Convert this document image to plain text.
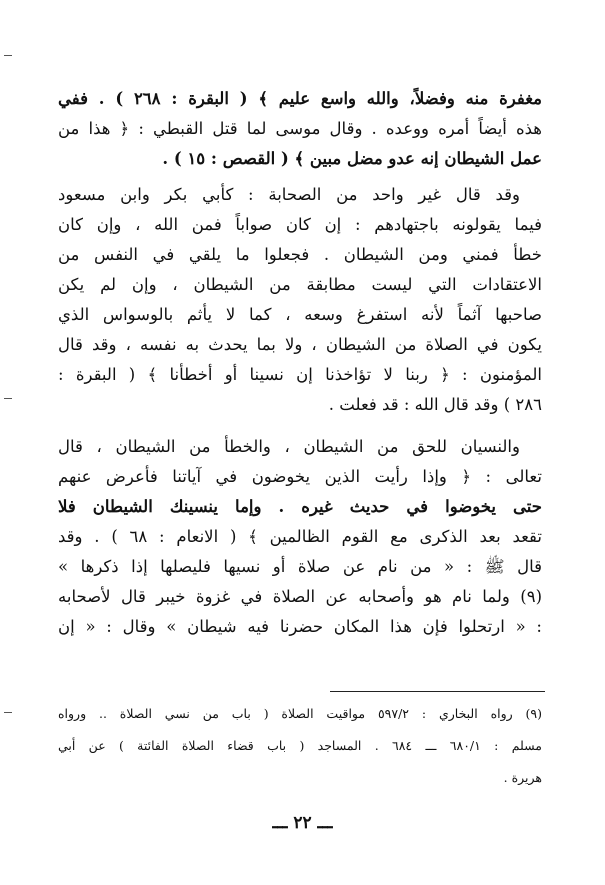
مغفرة منه وفضلاً، والله واسع عليم ﴾ ( البقرة : ٢٦٨ ) . ففي
هذه أيضاً أمره ووعده . وقال موسى لما قتل القبطي : ﴿ هذا من
عمل الشيطان إنه عدو مضل مبين ﴾ ( القصص : ١٥ ) .
وقد قال غير واحد من الصحابة : كأبي بكر وابن مسعود
فيما يقولونه باجتهادهم : إن كان صواباً فمن الله ، وإن كان
خطأ فمني ومن الشيطان . فجعلوا ما يلقي في النفس من
الاعتقادات التي ليست مطابقة من الشيطان ، وإن لم يكن
صاحبها آثماً لأنه استفرغ وسعه ، كما لا يأثم بالوسواس الذي
يكون في الصلاة من الشيطان ، ولا بما يحدث به نفسه ، وقد قال
المؤمنون : ﴿ ربنا لا تؤاخذنا إن نسينا أو أخطأنا ﴾ ( البقرة :
٢٨٦ ) وقد قال الله : قد فعلت .
والنسيان للحق من الشيطان ، والخطأ من الشيطان ، قال
تعالى : ﴿ وإذا رأيت الذين يخوضون في آياتنا فأعرض عنهم
حتى يخوضوا في حديث غيره . وإما ينسينك الشيطان فلا
تقعد بعد الذكرى مع القوم الظالمين ﴾ ( الانعام : ٦٨ ) . وقد
قال ﷺ : « من نام عن صلاة أو نسيها فليصلها إذا ذكرها »
(٩) ولما نام هو وأصحابه عن الصلاة في غزوة خيبر قال لأصحابه
: « ارتحلوا فإن هذا المكان حضرنا فيه شيطان » وقال : « إن
(٩) رواه البخاري : ٥٩٧/٢ مواقيت الصلاة ( باب من نسي الصلاة .. ورواه
مسلم : ٦٨٠/١ ـــ ٦٨٤ . المساجد ( باب قضاء الصلاة الفائتة ) عن أبي
هريرة .
ـــ ٢٢ ـــ
